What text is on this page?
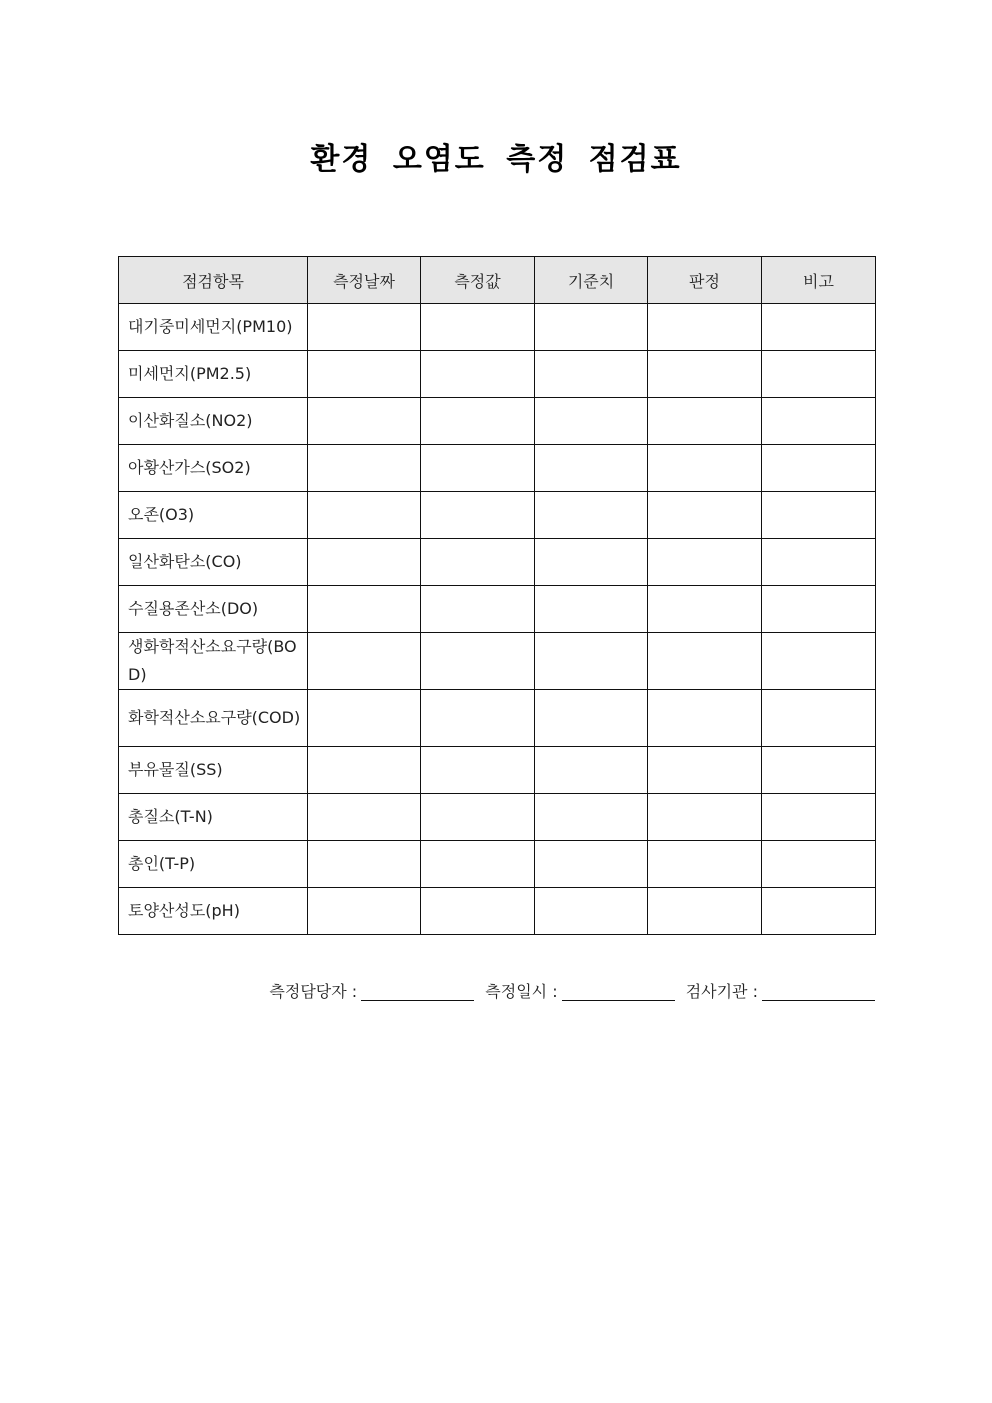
환경 오염도 측정 점검표
점검항목	측정날짜	측정값	기준치	판정	비고
대기중미세먼지(PM10)					
미세먼지(PM2.5)					
이산화질소(NO2)					
아황산가스(SO2)					
오존(O3)					
일산화탄소(CO)					
수질용존산소(DO)					
생화학적산소요구량(BOD)					
화학적산소요구량(COD)					
부유물질(SS)					
총질소(T-N)					
총인(T-P)					
토양산성도(pH)					
측정담당자 :	측정일시 :	검사기관 :
